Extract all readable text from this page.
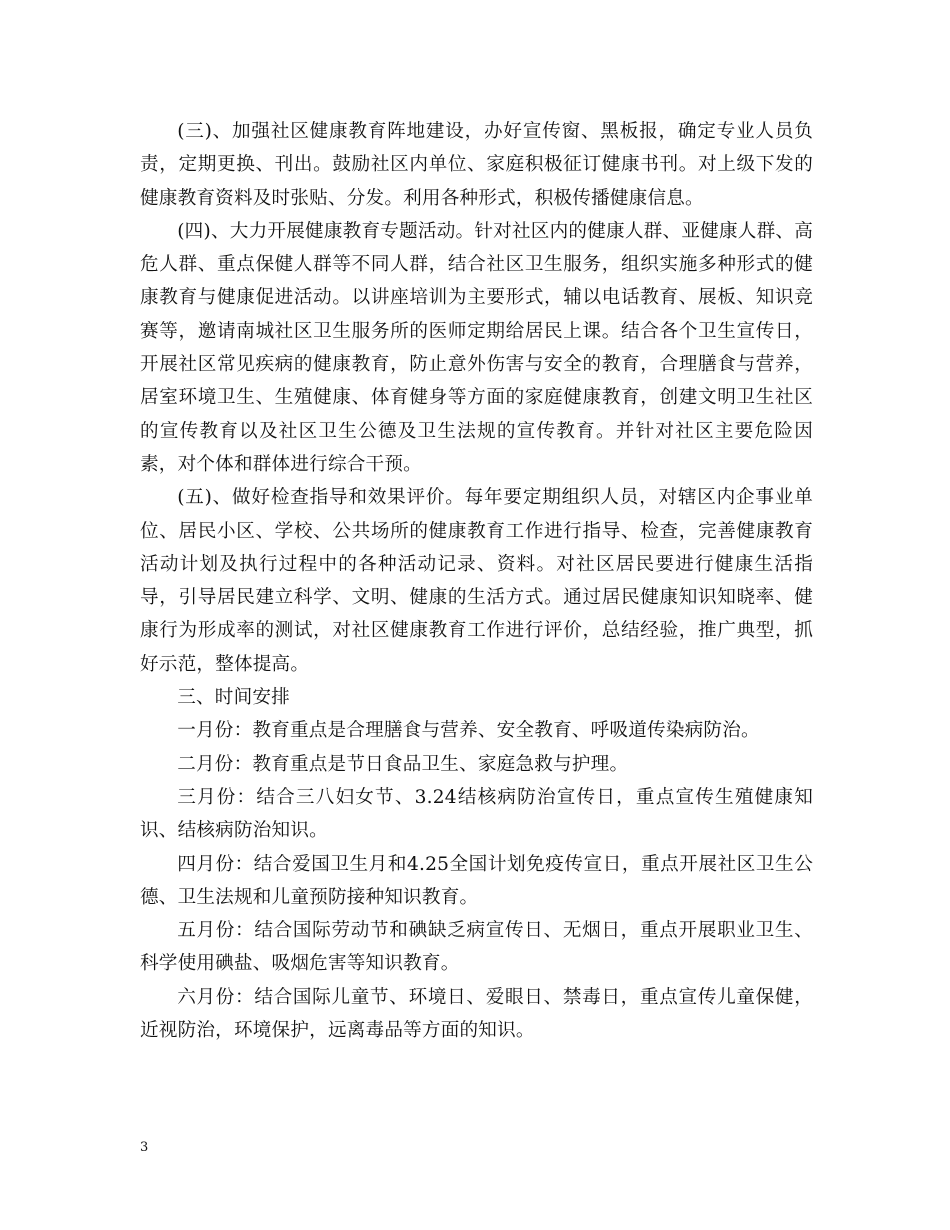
(三)、加强社区健康教育阵地建设，办好宣传窗、黑板报，确定专业人员负责，定期更换、刊出。鼓励社区内单位、家庭积极征订健康书刊。对上级下发的健康教育资料及时张贴、分发。利用各种形式，积极传播健康信息。

(四)、大力开展健康教育专题活动。针对社区内的健康人群、亚健康人群、高危人群、重点保健人群等不同人群，结合社区卫生服务，组织实施多种形式的健康教育与健康促进活动。以讲座培训为主要形式，辅以电话教育、展板、知识竞赛等，邀请南城社区卫生服务所的医师定期给居民上课。结合各个卫生宣传日，开展社区常见疾病的健康教育，防止意外伤害与安全的教育，合理膳食与营养，居室环境卫生、生殖健康、体育健身等方面的家庭健康教育，创建文明卫生社区的宣传教育以及社区卫生公德及卫生法规的宣传教育。并针对社区主要危险因素，对个体和群体进行综合干预。

(五)、做好检查指导和效果评价。每年要定期组织人员，对辖区内企事业单位、居民小区、学校、公共场所的健康教育工作进行指导、检查，完善健康教育活动计划及执行过程中的各种活动记录、资料。对社区居民要进行健康生活指导，引导居民建立科学、文明、健康的生活方式。通过居民健康知识知晓率、健康行为形成率的测试，对社区健康教育工作进行评价，总结经验，推广典型，抓好示范，整体提高。

三、时间安排

一月份：教育重点是合理膳食与营养、安全教育、呼吸道传染病防治。

二月份：教育重点是节日食品卫生、家庭急救与护理。

三月份：结合三八妇女节、3.24结核病防治宣传日，重点宣传生殖健康知识、结核病防治知识。

四月份：结合爱国卫生月和4.25全国计划免疫传宣日，重点开展社区卫生公德、卫生法规和儿童预防接种知识教育。

五月份：结合国际劳动节和碘缺乏病宣传日、无烟日，重点开展职业卫生、科学使用碘盐、吸烟危害等知识教育。

六月份：结合国际儿童节、环境日、爱眼日、禁毒日，重点宣传儿童保健，近视防治，环境保护，远离毒品等方面的知识。

3
